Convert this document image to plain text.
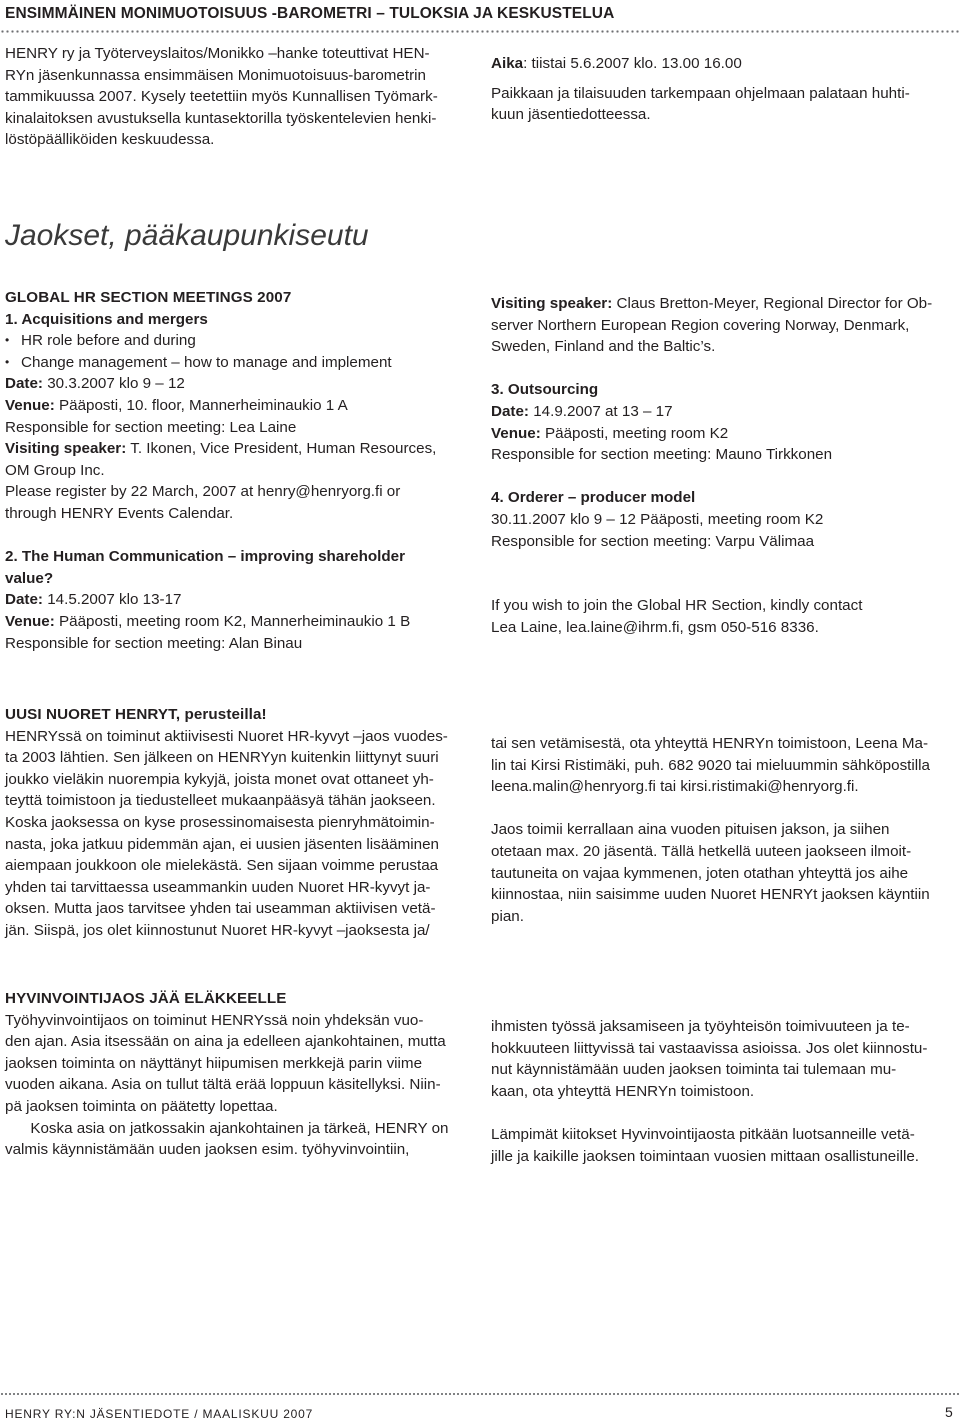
ENSIMMÄINEN MONIMUOTOISUUS -BAROMETRI – TULOKSIA JA KESKUSTELUA
HENRY ry ja Työterveyslaitos/Monikko –hanke toteuttivat HEN-
RYn jäsenkunnassa ensimmäisen Monimuotoisuus-barometrin
tammikuussa 2007. Kysely teetettiin myös Kunnallisen Työmark-
kinalaitoksen avustuksella kuntasektorilla työskentelevien henki-
löstöpäälliköiden keskuudessa.
Aika: tiistai 5.6.2007 klo. 13.00 16.00
Paikkaan ja tilaisuuden tarkempaan ohjelmaan palataan huhti-
kuun jäsentiedotteessa.
Jaokset, pääkaupunkiseutu
GLOBAL HR SECTION MEETINGS 2007
1. Acquisitions and mergers
• HR role before and during
• Change management – how to manage and implement
Date: 30.3.2007 klo 9 – 12
Venue: Pääposti, 10. floor, Mannerheiminaukio 1 A
Responsible for section meeting: Lea Laine
Visiting speaker: T. Ikonen, Vice President, Human Resources,
OM Group Inc.
Please register by 22 March, 2007 at henry@henryorg.fi or
through HENRY Events Calendar.
2. The Human Communication – improving shareholder
value?
Date: 14.5.2007 klo 13-17
Venue: Pääposti, meeting room K2, Mannerheiminaukio 1 B
Responsible for section meeting: Alan Binau
Visiting speaker: Claus Bretton-Meyer, Regional Director for Ob-
server Northern European Region covering Norway, Denmark,
Sweden, Finland and the Baltic’s.
3. Outsourcing
Date: 14.9.2007 at 13 – 17
Venue: Pääposti, meeting room K2
Responsible for section meeting: Mauno Tirkkonen
4. Orderer – producer model
30.11.2007 klo 9 – 12 Pääposti, meeting room K2
Responsible for section meeting: Varpu Välimaa
If you wish to join the Global HR Section, kindly contact
Lea Laine, lea.laine@ihrm.fi, gsm 050-516 8336.
UUSI NUORET HENRYT, perusteilla!
HENRYssä on toiminut aktiivisesti Nuoret HR-kyvyt –jaos vuodes-
ta 2003 lähtien. Sen jälkeen on HENRYyn kuitenkin liittynyt suuri
joukko vieläkin nuorempia kykyjä, joista monet ovat ottaneet yh-
teyttä toimistoon ja tiedustelleet mukaanpääsyä tähän jaokseen.
Koska jaoksessa on kyse prosessinomaisesta pienryhmätoimin-
nasta, joka jatkuu pidemmän ajan, ei uusien jäsenten lisääminen
aiempaan joukkoon ole mielekästä. Sen sijaan voimme perustaa
yhden tai tarvittaessa useammankin uuden Nuoret HR-kyvyt ja-
oksen. Mutta jaos tarvitsee yhden tai useamman aktiivisen vetä-
jän. Siispä, jos olet kiinnostunut Nuoret HR-kyvyt –jaoksesta ja/
tai sen vetämisestä, ota yhteyttä HENRYn toimistoon, Leena Ma-
lin tai Kirsi Ristimäki, puh. 682 9020 tai mieluummin sähköpostilla
leena.malin@henryorg.fi tai kirsi.ristimaki@henryorg.fi.
Jaos toimii kerrallaan aina vuoden pituisen jakson, ja siihen
otetaan max. 20 jäsentä. Tällä hetkellä uuteen jaokseen ilmoit-
tautuneita on vajaa kymmenen, joten otathan yhteyttä jos aihe
kiinnostaa, niin saisimme uuden Nuoret HENRYt jaoksen käyntiin
pian.
HYVINVOINTIJAOS JÄÄ ELÄKKEELLE
Työhyvinvointijaos on toiminut HENRYssä noin yhdeksän vuo-
den ajan. Asia itsessään on aina ja edelleen ajankohtainen, mutta
jaoksen toiminta on näyttänyt hiipumisen merkkejä parin viime
vuoden aikana. Asia on tullut tältä erää loppuun käsitellyksi. Niin-
pä jaoksen toiminta on päätetty lopettaa.
Koska asia on jatkossakin ajankohtainen ja tärkeä, HENRY on
valmis käynnistämään uuden jaoksen esim. työhyvinvointiin,
ihmisten työssä jaksamiseen ja työyhteisön toimivuuteen ja te-
hokkuuteen liittyvissä tai vastaavissa asioissa. Jos olet kiinnostu-
nut käynnistämään uuden jaoksen toiminta tai tulemaan mu-
kaan, ota yhteyttä HENRYn toimistoon.
Lämpimät kiitokset Hyvinvointijaosta pitkään luotsanneille vetä-
jille ja kaikille jaoksen toimintaan vuosien mittaan osallistuneille.
HENRY RY:N JÄSENTIEDOTE / MAALISKUU 2007	5
